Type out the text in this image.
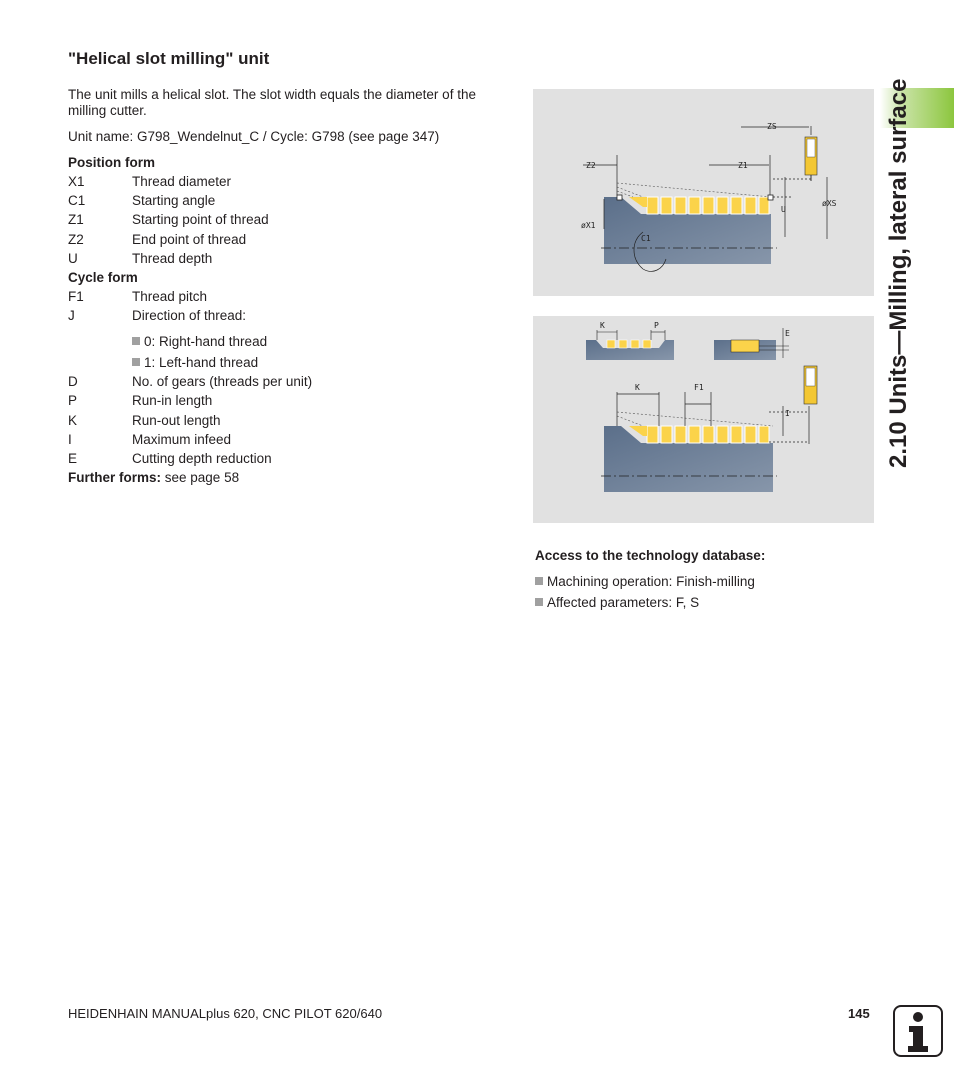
"Helical slot milling" unit
The unit mills a helical slot. The slot width equals the diameter of the milling cutter.
Unit name: G798_Wendelnut_C / Cycle: G798 (see page 347)
Position form
X1	Thread diameter
C1	Starting angle
Z1	Starting point of thread
Z2	End point of thread
U	Thread depth
Cycle form
F1	Thread pitch
J	Direction of thread:
0: Right-hand thread
1: Left-hand thread
D	No. of gears (threads per unit)
P	Run-in length
K	Run-out length
I	Maximum infeed
E	Cutting depth reduction
Further forms: see page 58
ZS
Z2	Z1
øX1
C1
U
øXS
K	P
E
K	F1
I
Access to the technology database:
Machining operation: Finish-milling
Affected parameters: F, S
2.10 Units—Milling, lateral surface
HEIDENHAIN MANUALplus 620, CNC PILOT 620/640	145
